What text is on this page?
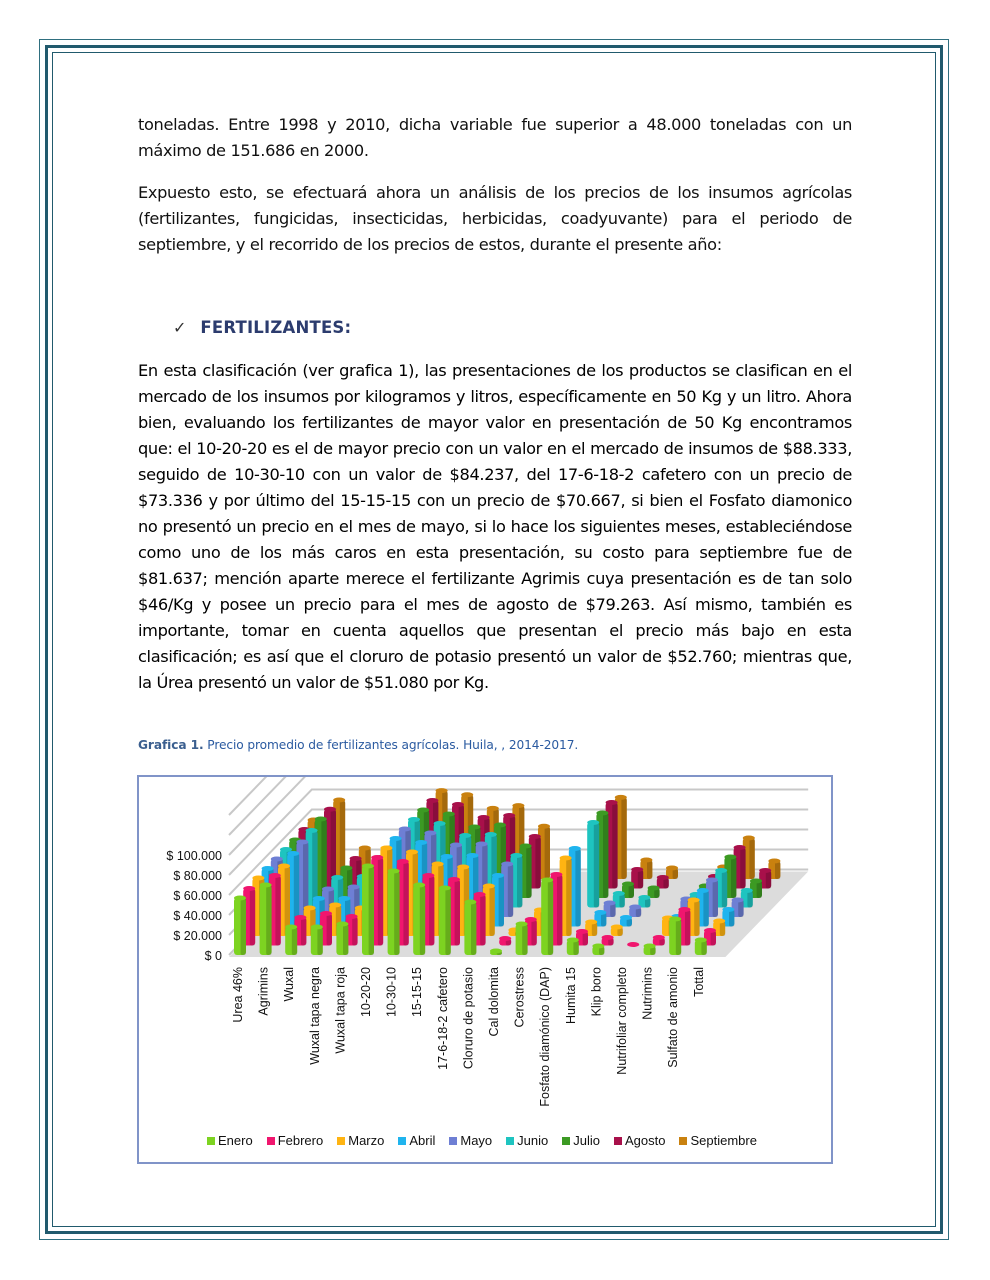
toneladas. Entre 1998 y 2010, dicha variable fue superior a 48.000 toneladas con un máximo de 151.686 en 2000.

Expuesto esto, se efectuará ahora un análisis de los precios de los insumos agrícolas (fertilizantes, fungicidas, insecticidas, herbicidas, coadyuvante) para el periodo de septiembre, y el recorrido de los precios de estos, durante el presente año:

✓ FERTILIZANTES:

En esta clasificación (ver grafica 1), las presentaciones de los productos se clasifican en el mercado de los insumos por kilogramos y litros, específicamente en 50 Kg y un litro. Ahora bien, evaluando los fertilizantes de mayor valor en presentación de 50 Kg encontramos que: el 10-20-20 es el de mayor precio con un valor en el mercado de insumos de $88.333, seguido de 10-30-10 con un valor de $84.237, del 17-6-18-2 cafetero con un precio de $73.336 y por último del 15-15-15 con un precio de $70.667, si bien el Fosfato diamonico no presentó un precio en el mes de mayo, si lo hace los siguientes meses, estableciéndose como uno de los más caros en esta presentación, su costo para septiembre fue de $81.637; mención aparte merece el fertilizante Agrimis cuya presentación es de tan solo $46/Kg y posee un precio para el mes de agosto de $79.263. Así mismo, también es importante, tomar en cuenta aquellos que presentan el precio más bajo en esta clasificación; es así que el cloruro de potasio presentó un valor de $52.760; mientras que, la Úrea presentó un valor de $51.080 por Kg.

Grafica 1. Precio promedio de fertilizantes agrícolas. Huila, , 2014-2017.
$ 0
$ 20.000
$ 40.000
$ 60.000
$ 80.000
$ 100.000
Urea 46% Agrimins Wuxal Wuxal tapa negra Wuxal tapa roja 10-20-20 10-30-10 15-15-15 17-6-18-2 cafetero Cloruro de potasio Cal dolomita Cerostress Fosfato diamónico (DAP) Humita 15 Klip boro Nutrifoliar completo Nutrimins Sulfato de amonio Tottal
Enero Febrero Marzo Abril Mayo Junio Julio Agosto Septiembre
